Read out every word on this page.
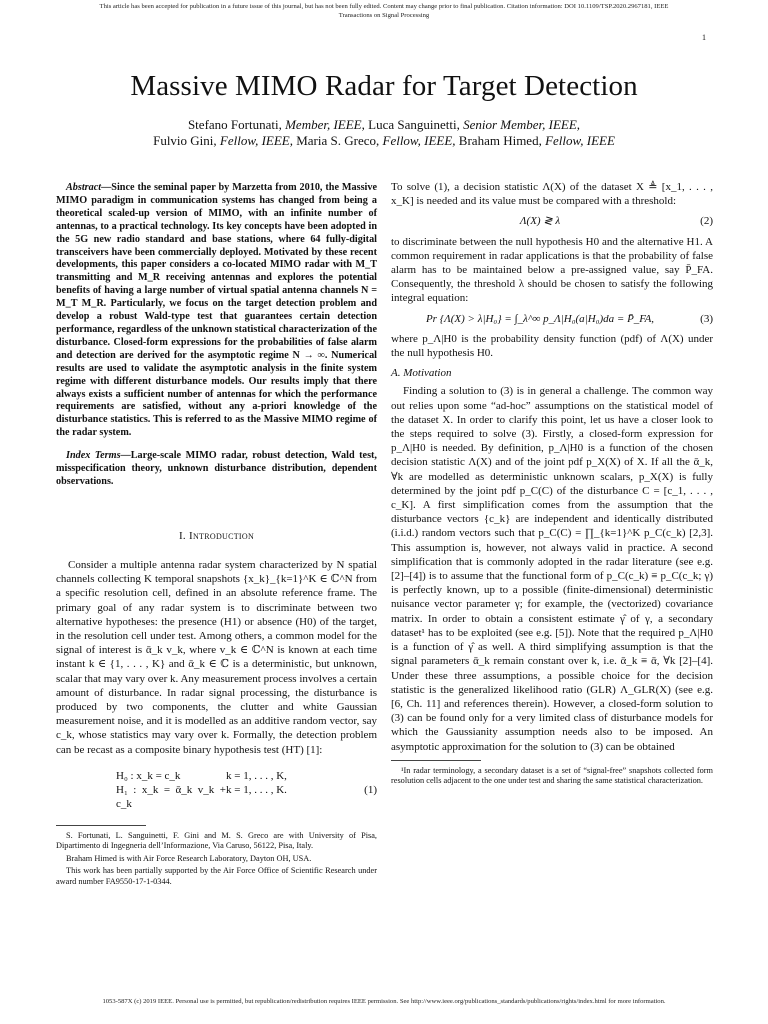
This article has been accepted for publication in a future issue of this journal, but has not been fully edited. Content may change prior to final publication. Citation information: DOI 10.1109/TSP.2020.2967181, IEEE
Transactions on Signal Processing
1
Massive MIMO Radar for Target Detection
Stefano Fortunati, Member, IEEE, Luca Sanguinetti, Senior Member, IEEE,
Fulvio Gini, Fellow, IEEE, Maria S. Greco, Fellow, IEEE, Braham Himed, Fellow, IEEE

Abstract—Since the seminal paper by Marzetta from 2010, the Massive MIMO paradigm in communication systems has changed from being a theoretical scaled-up version of MIMO, with an infinite number of antennas, to a practical technology. Its key concepts have been adopted in the 5G new radio standard and base stations, where 64 fully-digital transceivers have been commercially deployed. Motivated by these recent developments, this paper considers a co-located MIMO radar with M_T transmitting and M_R receiving antennas and explores the potential benefits of having a large number of virtual spatial antenna channels N = M_T M_R. Particularly, we focus on the target detection problem and develop a robust Wald-type test that guarantees certain detection performance, regardless of the unknown statistical characterization of the disturbance. Closed-form expressions for the probabilities of false alarm and detection are derived for the asymptotic regime N → ∞. Numerical results are used to validate the asymptotic analysis in the finite system regime with different disturbance models. Our results imply that there always exists a sufficient number of antennas for which the performance requirements are satisfied, without any a-priori knowledge of the disturbance statistics. This is referred to as the Massive MIMO regime of the radar system.

Index Terms—Large-scale MIMO radar, robust detection, Wald test, misspecification theory, unknown disturbance distribution, dependent observations.

I. Introduction

Consider a multiple antenna radar system characterized by N spatial channels collecting K temporal snapshots {x_k}_{k=1}^K ∈ ℂ^N from a specific resolution cell, defined in an absolute reference frame. The primary goal of any radar system is to discriminate between two alternative hypotheses: the presence (H1) or absence (H0) of the target, in the resolution cell under test. Among others, a common model for the signal of interest is ᾱ_k v_k, where v_k ∈ ℂ^N is known at each time instant k ∈ {1, . . . , K} and ᾱ_k ∈ ℂ is a deterministic, but unknown, scalar that may vary over k. Any measurement process involves a certain amount of disturbance. In radar signal processing, the disturbance is produced by two components, the clutter and white Gaussian measurement noise, and it is modelled as an additive random vector, say c_k, whose statistics may vary over k. Formally, the detection problem can be recast as a composite binary hypothesis test (HT) [1]:

H₀ : x_k = c_k	k = 1, . . . , K,
H₁ : x_k = ᾱ_k v_k + c_k
k = 1, . . . , K.	(1)

S. Fortunati, L. Sanguinetti, F. Gini and M. S. Greco are with University of Pisa, Dipartimento di Ingegneria dell’Informazione, Via Caruso, 56122, Pisa, Italy.

Braham Himed is with Air Force Research Laboratory, Dayton OH, USA.

This work has been partially supported by the Air Force Office of Scientific Research under award number FA9550-17-1-0344.

To solve (1), a decision statistic Λ(X) of the dataset X ≜ [x_1, . . . , x_K] is needed and its value must be compared with a threshold:

Λ(X) ≷ λ	(2)

to discriminate between the null hypothesis H0 and the alternative H1. A common requirement in radar applications is that the probability of false alarm has to be maintained below a pre-assigned value, say P̄_FA. Consequently, the threshold λ should be chosen to satisfy the following integral equation:

Pr {Λ(X) > λ|H₀} = ∫_λ^∞ p_Λ|H₀(a|H₀)da = P̄_FA,	(3)

where p_Λ|H0 is the probability density function (pdf) of Λ(X) under the null hypothesis H0.

A. Motivation

Finding a solution to (3) is in general a challenge. The common way out relies upon some “ad-hoc” assumptions on the statistical model of the dataset X. In order to clarify this point, let us have a closer look to the steps required to solve (3). Firstly, a closed-form expression for p_Λ|H0 is needed. By definition, p_Λ|H0 is a function of the chosen decision statistic Λ(X) and of the joint pdf p_X(X) of X. If all the ᾱ_k, ∀k are modelled as deterministic unknown scalars, p_X(X) is fully determined by the joint pdf p_C(C) of the disturbance C = [c_1, . . . , c_K]. A first simplification comes from the assumption that the disturbance vectors {c_k} are independent and identically distributed (i.i.d.) random vectors such that p_C(C) = ∏_{k=1}^K p_C(c_k) [2,3]. This assumption is, however, not always valid in practice. A second simplification that is commonly adopted in the radar literature (see e.g. [2]–[4]) is to assume that the functional form of p_C(c_k) ≡ p_C(c_k; γ) is perfectly known, up to a possible (finite-dimensional) deterministic nuisance vector parameter γ; for example, the (vectorized) covariance matrix. In order to obtain a consistent estimate γ̂ of γ, a secondary dataset¹ has to be exploited (see e.g. [5]). Note that the required p_Λ|H0 is a function of γ̂ as well. A third simplifying assumption is that the signal parameters ᾱ_k remain constant over k, i.e. ᾱ_k ≡ ᾱ, ∀k [2]–[4]. Under these three assumptions, a possible choice for the decision statistic is the generalized likelihood ratio (GLR) Λ_GLR(X) (see e.g. [6, Ch. 11] and references therein). However, a closed-form solution to (3) can be found only for a very limited class of disturbance models for which the Gaussianity assumption needs also to be imposed. An asymptotic approximation for the solution to (3) can be obtained

¹In radar terminology, a secondary dataset is a set of “signal-free” snapshots collected form resolution cells adjacent to the one under test and sharing the same statistical characterization.

1053-587X (c) 2019 IEEE. Personal use is permitted, but republication/redistribution requires IEEE permission. See http://www.ieee.org/publications_standards/publications/rights/index.html for more information.
